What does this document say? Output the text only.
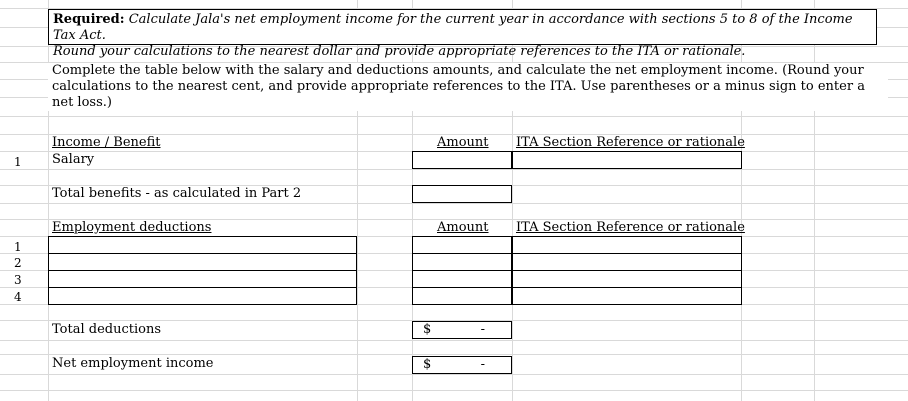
Required: Calculate Jala's net employment income for the current year in accordance with sections 5 to 8 of the Income Tax Act.
Round your calculations to the nearest dollar and provide appropriate references to the ITA or rationale.
Complete the table below with the salary and deductions amounts, and calculate the net employment income. (Round your
calculations to the nearest cent, and provide appropriate references to the ITA. Use parentheses or a minus sign to enter a net loss.)
Income / Benefit	Amount ITA Section Reference or rationale
1	Salary
Total benefits - as calculated in Part 2
Employment deductions	Amount ITA Section Reference or rationale
1
2
3
4
Total deductions	$	-
Net employment income	$	-
